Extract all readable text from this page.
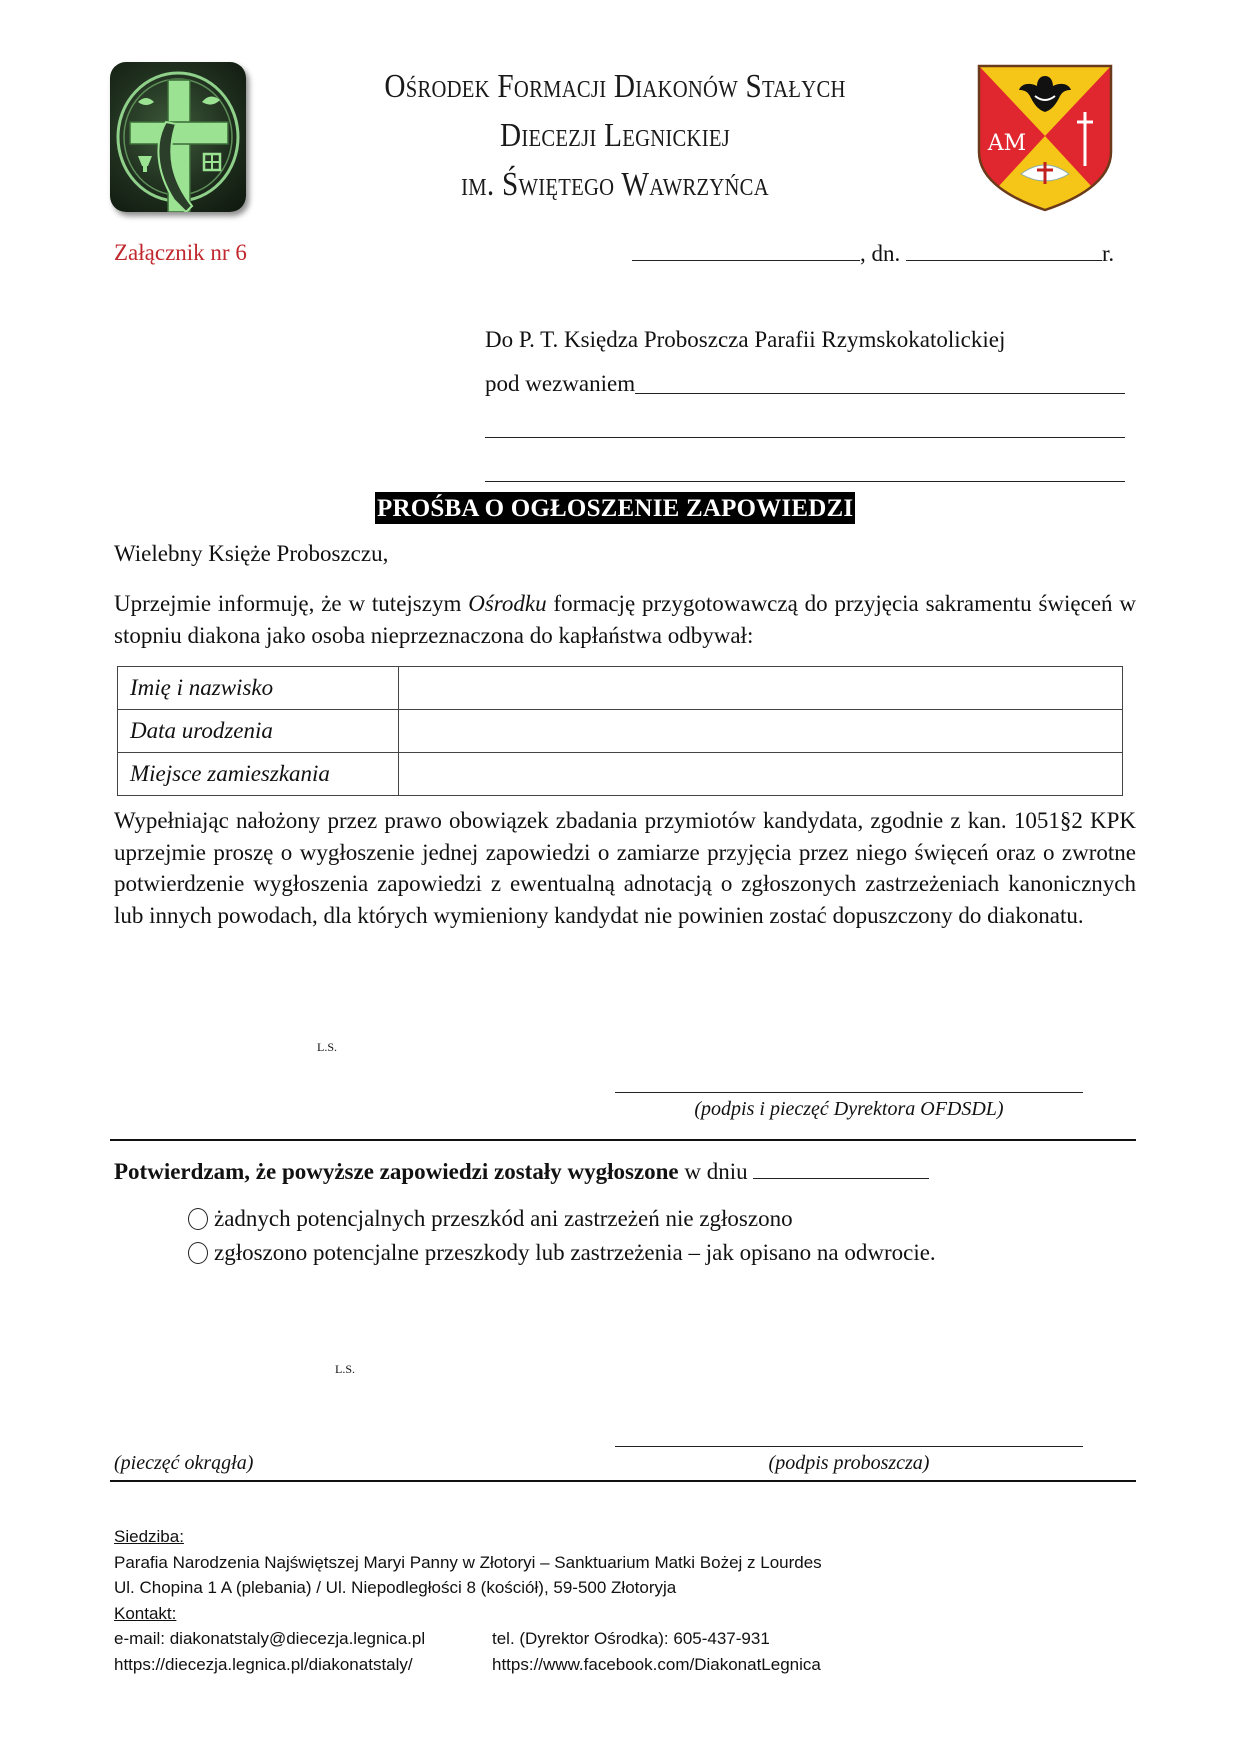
Ośrodek Formacji Diakonów Stałych
Diecezji Legnickiej
im. Świętego Wawrzyńca
AM
Załącznik nr 6	, dn.	r.
Do P. T. Księdza Proboszcza Parafii Rzymskokatolickiej
pod wezwaniem
PROŚBA O OGŁOSZENIE ZAPOWIEDZI
Wielebny Księże Proboszczu,
Uprzejmie informuję, że w tutejszym Ośrodku formację przygotowawczą do przyjęcia sakramentu święceń w stopniu diakona jako osoba nieprzeznaczona do kapłaństwa odbywał:
Imię i nazwisko	
Data urodzenia	
Miejsce zamieszkania	
Wypełniając nałożony przez prawo obowiązek zbadania przymiotów kandydata, zgodnie z kan. 1051§2 KPK uprzejmie proszę o wygłoszenie jednej zapowiedzi o zamiarze przyjęcia przez niego święceń oraz o zwrotne potwierdzenie wygłoszenia zapowiedzi z ewentualną adnotacją o zgłoszonych zastrzeżeniach kanonicznych lub innych powodach, dla których wymieniony kandydat nie powinien zostać dopuszczony do diakonatu.
L.S.
(podpis i pieczęć Dyrektora OFDSDL)
Potwierdzam, że powyższe zapowiedzi zostały wygłoszone w dniu
żadnych potencjalnych przeszkód ani zastrzeżeń nie zgłoszono
zgłoszono potencjalne przeszkody lub zastrzeżenia – jak opisano na odwrocie.
L.S.
(pieczęć okrągła)	(podpis proboszcza)
Siedziba:
Parafia Narodzenia Najświętszej Maryi Panny w Złotoryi – Sanktuarium Matki Bożej z Lourdes
Ul. Chopina 1 A (plebania) / Ul. Niepodległości 8 (kościół), 59-500 Złotoryja
Kontakt:
e-mail: diakonatstaly@diecezja.legnica.pl	tel. (Dyrektor Ośrodka): 605-437-931
https://diecezja.legnica.pl/diakonatstaly/	https://www.facebook.com/DiakonatLegnica
